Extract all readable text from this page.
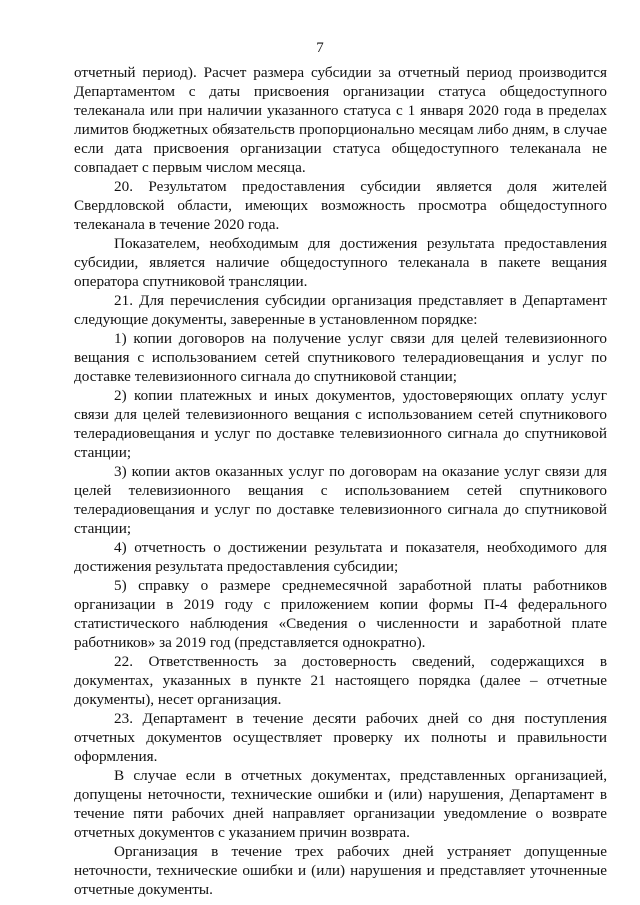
7

отчетный период). Расчет размера субсидии за отчетный период производится Департаментом с даты присвоения организации статуса общедоступного телеканала или при наличии указанного статуса с 1 января 2020 года в пределах лимитов бюджетных обязательств пропорционально месяцам либо дням, в случае если дата присвоения организации статуса общедоступного телеканала не совпадает с первым числом месяца.

20. Результатом предоставления субсидии является доля жителей Свердловской области, имеющих возможность просмотра общедоступного телеканала в течение 2020 года.

Показателем, необходимым для достижения результата предоставления субсидии, является наличие общедоступного телеканала в пакете вещания оператора спутниковой трансляции.

21. Для перечисления субсидии организация представляет в Департамент следующие документы, заверенные в установленном порядке:

1) копии договоров на получение услуг связи для целей телевизионного вещания с использованием сетей спутникового телерадиовещания и услуг по доставке телевизионного сигнала до спутниковой станции;

2) копии платежных и иных документов, удостоверяющих оплату услуг связи для целей телевизионного вещания с использованием сетей спутникового телерадиовещания и услуг по доставке телевизионного сигнала до спутниковой станции;

3) копии актов оказанных услуг по договорам на оказание услуг связи для целей телевизионного вещания с использованием сетей спутникового телерадиовещания и услуг по доставке телевизионного сигнала до спутниковой станции;

4) отчетность о достижении результата и показателя, необходимого для достижения результата предоставления субсидии;

5) справку о размере среднемесячной заработной платы работников организации в 2019 году с приложением копии формы П-4 федерального статистического наблюдения «Сведения о численности и заработной плате работников» за 2019 год (представляется однократно).

22. Ответственность за достоверность сведений, содержащихся в документах, указанных в пункте 21 настоящего порядка (далее – отчетные документы), несет организация.

23. Департамент в течение десяти рабочих дней со дня поступления отчетных документов осуществляет проверку их полноты и правильности оформления.

В случае если в отчетных документах, представленных организацией, допущены неточности, технические ошибки и (или) нарушения, Департамент в течение пяти рабочих дней направляет организации уведомление о возврате отчетных документов с указанием причин возврата.

Организация в течение трех рабочих дней устраняет допущенные неточности, технические ошибки и (или) нарушения и представляет уточненные отчетные документы.
